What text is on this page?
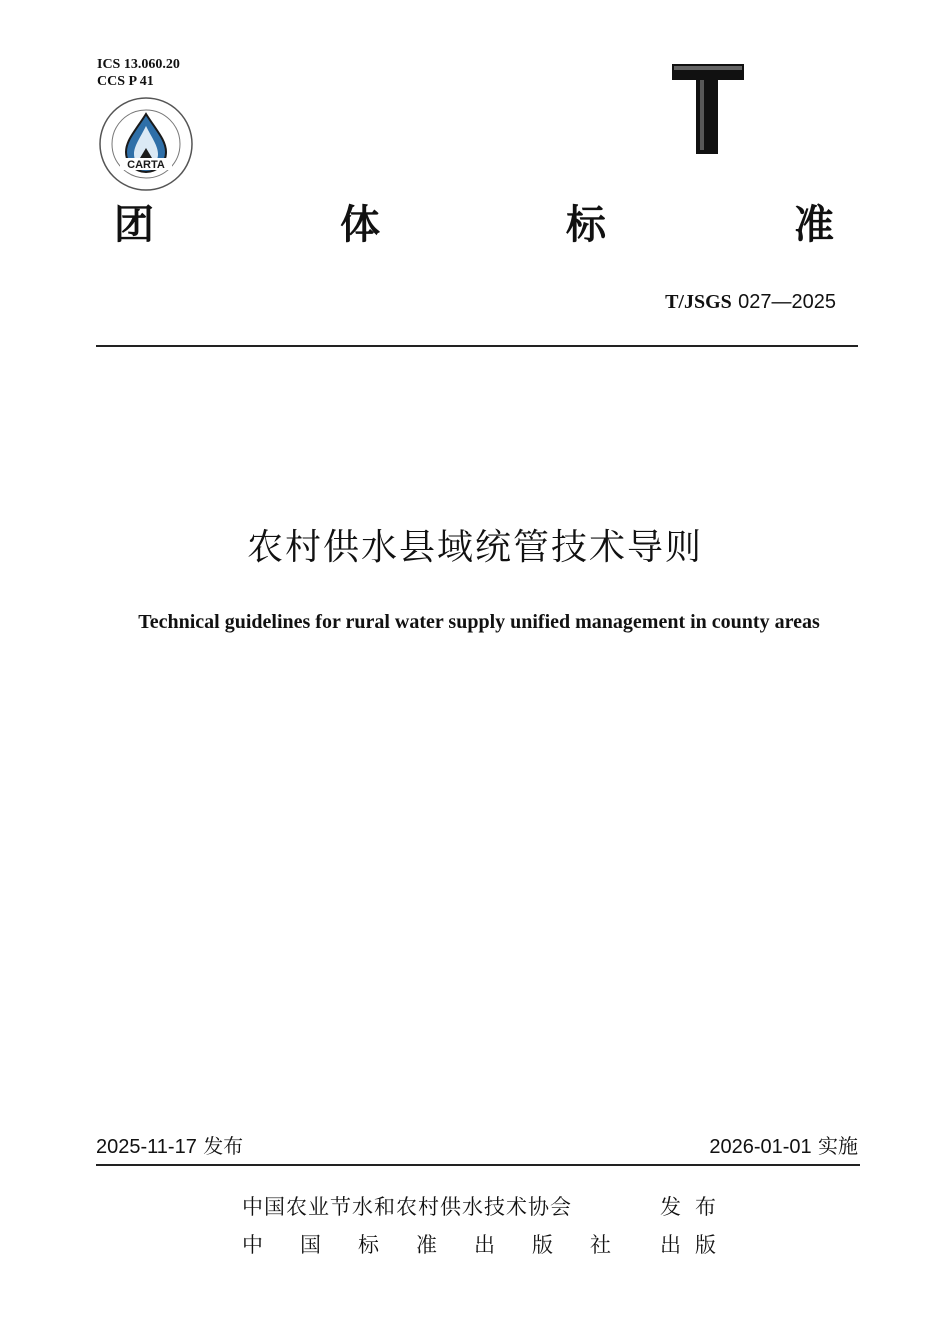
ICS 13.060.20
CCS P 41
CARTA
团	体	标	准
T/JSGS 027—2025
农村供水县域统管技术导则
Technical guidelines for rural water supply unified management in county areas
2025-11-17 发布	2026-01-01 实施
中国农业节水和农村供水技术协会	发布
中 国 标 准 出 版 社 出版
